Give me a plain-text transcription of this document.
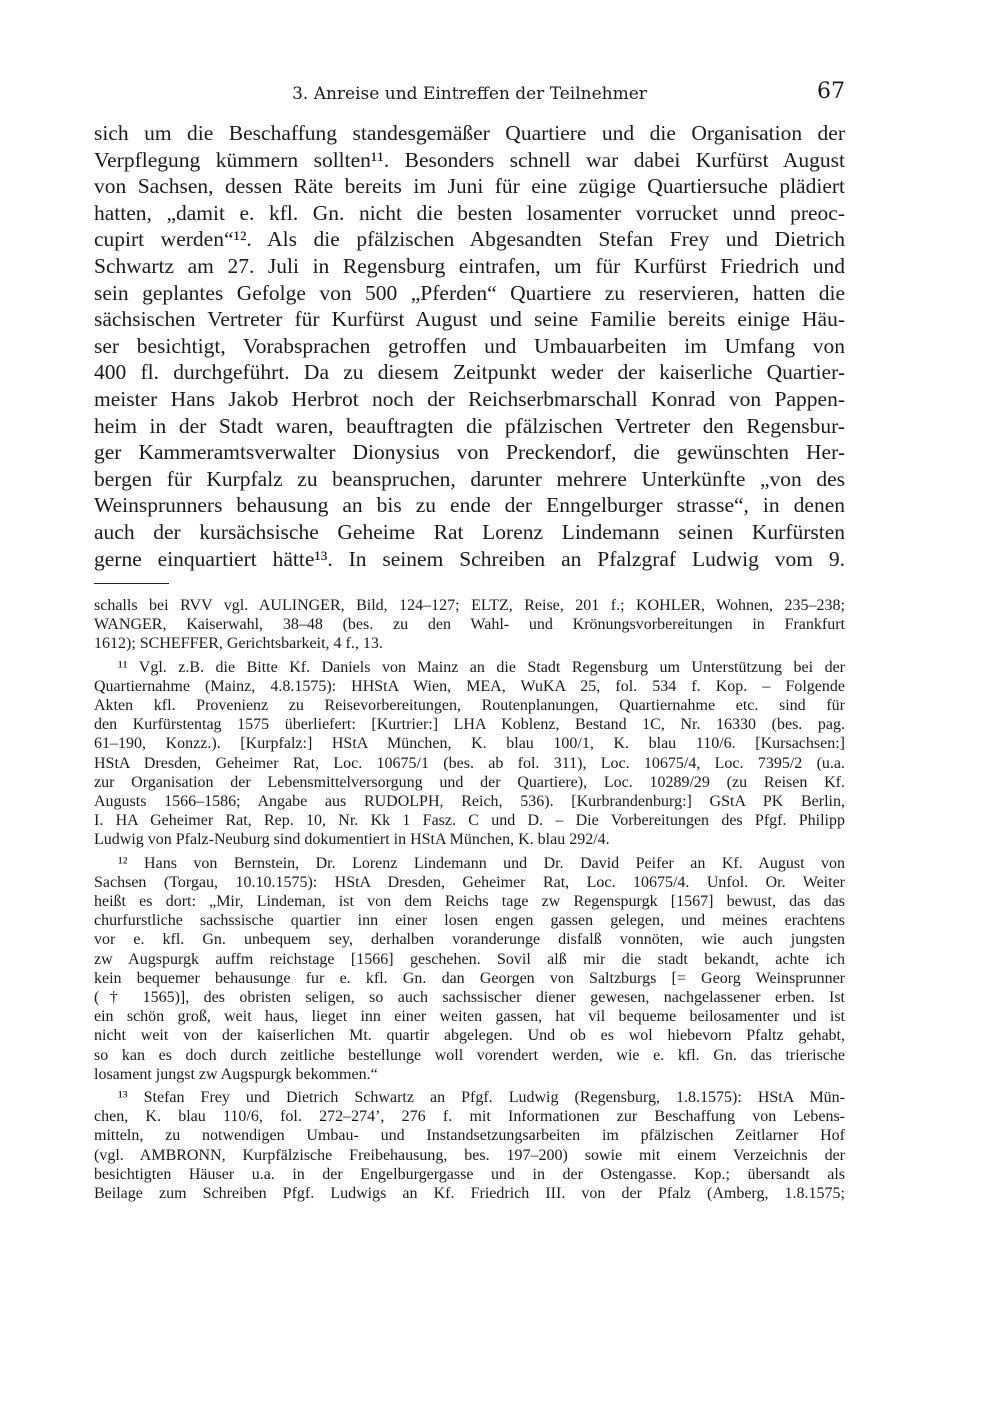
3. Anreise und Eintreffen der Teilnehmer	67
sich um die Beschaffung standesgemäßer Quartiere und die Organisation der
Verpflegung kümmern sollten¹¹. Besonders schnell war dabei Kurfürst August
von Sachsen, dessen Räte bereits im Juni für eine zügige Quartiersuche plädiert
hatten, „damit e. kfl. Gn. nicht die besten losamenter vorrucket unnd preoc-
cupirt werden“¹². Als die pfälzischen Abgesandten Stefan Frey und Dietrich
Schwartz am 27. Juli in Regensburg eintrafen, um für Kurfürst Friedrich und
sein geplantes Gefolge von 500 „Pferden“ Quartiere zu reservieren, hatten die
sächsischen Vertreter für Kurfürst August und seine Familie bereits einige Häu-
ser besichtigt, Vorabsprachen getroffen und Umbauarbeiten im Umfang von
400 fl. durchgeführt. Da zu diesem Zeitpunkt weder der kaiserliche Quartier-
meister Hans Jakob Herbrot noch der Reichserbmarschall Konrad von Pappen-
heim in der Stadt waren, beauftragten die pfälzischen Vertreter den Regensbur-
ger Kammeramtsverwalter Dionysius von Preckendorf, die gewünschten Her-
bergen für Kurpfalz zu beanspruchen, darunter mehrere Unterkünfte „von des
Weinsprunners behausung an bis zu ende der Enngelburger strasse“, in denen
auch der kursächsische Geheime Rat Lorenz Lindemann seinen Kurfürsten
gerne einquartiert hätte¹³. In seinem Schreiben an Pfalzgraf Ludwig vom 9.
schalls bei RVV vgl. AULINGER, Bild, 124–127; ELTZ, Reise, 201 f.; KOHLER, Wohnen, 235–238;
WANGER, Kaiserwahl, 38–48 (bes. zu den Wahl- und Krönungsvorbereitungen in Frankfurt
1612); SCHEFFER, Gerichtsbarkeit, 4 f., 13.
¹¹ Vgl. z.B. die Bitte Kf. Daniels von Mainz an die Stadt Regensburg um Unterstützung bei der
Quartiernahme (Mainz, 4.8.1575): HHStA Wien, MEA, WuKA 25, fol. 534 f. Kop. – Folgende
Akten kfl. Provenienz zu Reisevorbereitungen, Routenplanungen, Quartiernahme etc. sind für
den Kurfürstentag 1575 überliefert: [Kurtrier:] LHA Koblenz, Bestand 1C, Nr. 16330 (bes. pag.
61–190, Konzz.). [Kurpfalz:] HStA München, K. blau 100/1, K. blau 110/6. [Kursachsen:]
HStA Dresden, Geheimer Rat, Loc. 10675/1 (bes. ab fol. 311), Loc. 10675/4, Loc. 7395/2 (u.a.
zur Organisation der Lebensmittelversorgung und der Quartiere), Loc. 10289/29 (zu Reisen Kf.
Augusts 1566–1586; Angabe aus RUDOLPH, Reich, 536). [Kurbrandenburg:] GStA PK Berlin,
I. HA Geheimer Rat, Rep. 10, Nr. Kk 1 Fasz. C und D. – Die Vorbereitungen des Pfgf. Philipp
Ludwig von Pfalz-Neuburg sind dokumentiert in HStA München, K. blau 292/4.
¹² Hans von Bernstein, Dr. Lorenz Lindemann und Dr. David Peifer an Kf. August von
Sachsen (Torgau, 10.10.1575): HStA Dresden, Geheimer Rat, Loc. 10675/4. Unfol. Or. Weiter
heißt es dort: „Mir, Lindeman, ist von dem Reichs tage zw Regenspurgk [1567] bewust, das das
churfurstliche sachssische quartier inn einer losen engen gassen gelegen, und meines erachtens
vor e. kfl. Gn. unbequem sey, derhalben voranderunge disfalß vonnöten, wie auch jungsten
zw Augspurgk auffm reichstage [1566] geschehen. Sovil alß mir die stadt bekandt, achte ich
kein bequemer behausunge fur e. kfl. Gn. dan Georgen von Saltzburgs [= Georg Weinsprunner
(† 1565)], des obristen seligen, so auch sachssischer diener gewesen, nachgelassener erben. Ist
ein schön groß, weit haus, lieget inn einer weiten gassen, hat vil bequeme beilosamenter und ist
nicht weit von der kaiserlichen Mt. quartir abgelegen. Und ob es wol hiebevorn Pfaltz gehabt,
so kan es doch durch zeitliche bestellunge woll vorendert werden, wie e. kfl. Gn. das trierische
losament jungst zw Augspurgk bekommen.“
¹³ Stefan Frey und Dietrich Schwartz an Pfgf. Ludwig (Regensburg, 1.8.1575): HStA Mün-
chen, K. blau 110/6, fol. 272–274’, 276 f. mit Informationen zur Beschaffung von Lebens-
mitteln, zu notwendigen Umbau- und Instandsetzungsarbeiten im pfälzischen Zeitlarner Hof
(vgl. AMBRONN, Kurpfälzische Freibehausung, bes. 197–200) sowie mit einem Verzeichnis der
besichtigten Häuser u.a. in der Engelburgergasse und in der Ostengasse. Kop.; übersandt als
Beilage zum Schreiben Pfgf. Ludwigs an Kf. Friedrich III. von der Pfalz (Amberg, 1.8.1575;
